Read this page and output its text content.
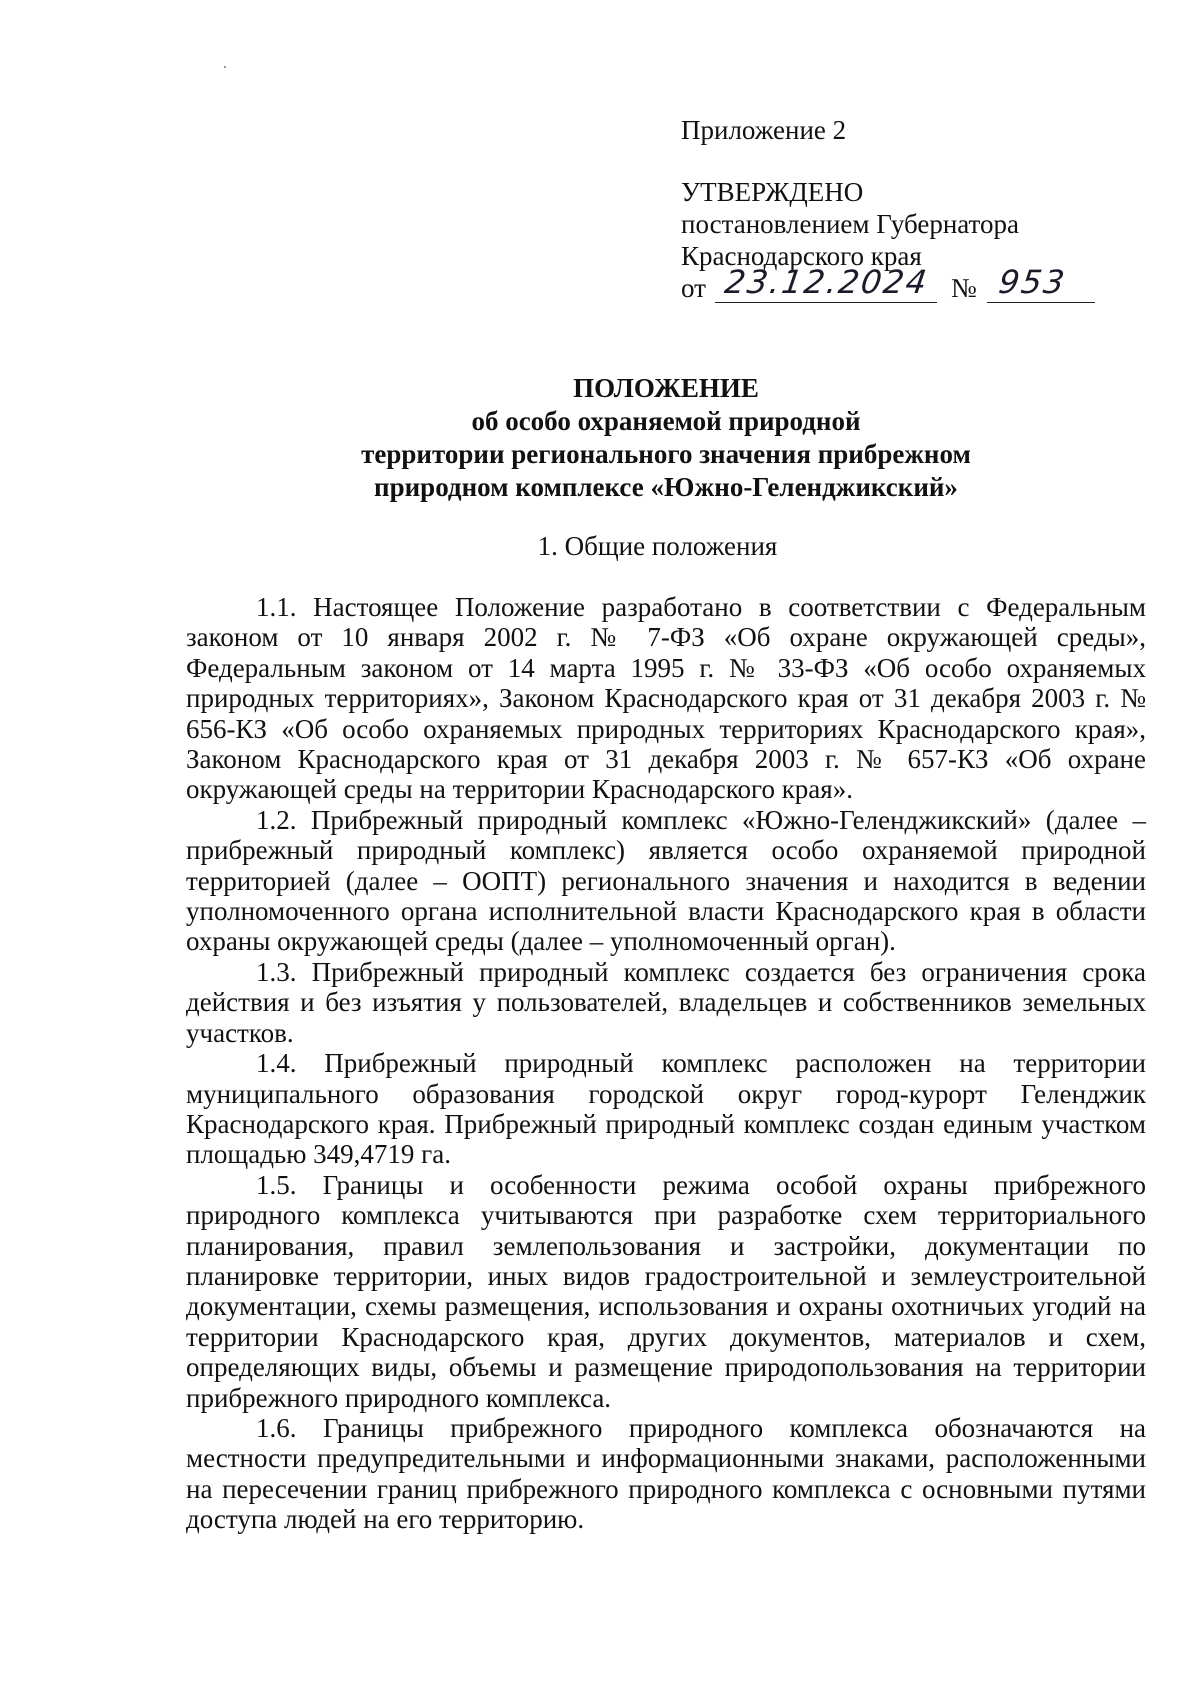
Приложение 2
УТВЕРЖДЕНО
постановлением Губернатора
Краснодарского края
от 23.12.2024 № 953
ПОЛОЖЕНИЕ
об особо охраняемой природной
территории регионального значения прибрежном
природном комплексе «Южно-Геленджикский»
1. Общие положения

1.1. Настоящее Положение разработано в соответствии с Федеральным законом от 10 января 2002 г. № 7-ФЗ «Об охране окружающей среды», Федеральным законом от 14 марта 1995 г. № 33-ФЗ «Об особо охраняемых природных территориях», Законом Краснодарского края от 31 декабря 2003 г. № 656-КЗ «Об особо охраняемых природных территориях Краснодарского края», Законом Краснодарского края от 31 декабря 2003 г. № 657-КЗ «Об охране окружающей среды на территории Краснодарского края».

1.2. Прибрежный природный комплекс «Южно-Геленджикский» (далее – прибрежный природный комплекс) является особо охраняемой природной территорией (далее – ООПТ) регионального значения и находится в ведении уполномоченного органа исполнительной власти Краснодарского края в области охраны окружающей среды (далее – уполномоченный орган).

1.3. Прибрежный природный комплекс создается без ограничения срока действия и без изъятия у пользователей, владельцев и собственников земельных участков.

1.4. Прибрежный природный комплекс расположен на территории муниципального образования городской округ город-курорт Геленджик Краснодарского края. Прибрежный природный комплекс создан единым участком площадью 349,4719 га.

1.5. Границы и особенности режима особой охраны прибрежного природного комплекса учитываются при разработке схем территориального планирования, правил землепользования и застройки, документации по планировке территории, иных видов градостроительной и землеустроительной документации, схемы размещения, использования и охраны охотничьих угодий на территории Краснодарского края, других документов, материалов и схем, определяющих виды, объемы и размещение природопользования на территории прибрежного природного комплекса.

1.6. Границы прибрежного природного комплекса обозначаются на местности предупредительными и информационными знаками, расположенными на пересечении границ прибрежного природного комплекса с основными путями доступа людей на его территорию.
